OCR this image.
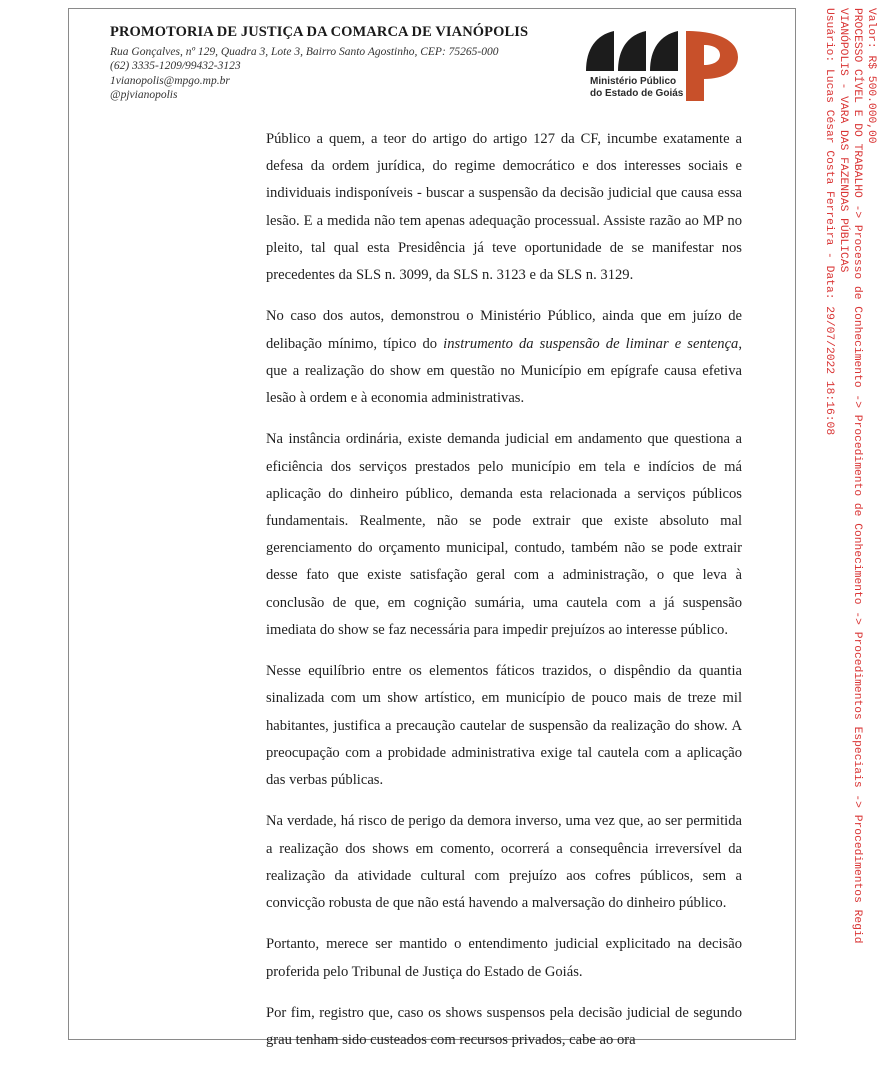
PROMOTORIA DE JUSTIÇA DA COMARCA DE VIANÓPOLIS
Rua Gonçalves, nº 129, Quadra 3, Lote 3, Bairro Santo Agostinho, CEP: 75265-000
(62) 3335-1209/99432-3123
1vianopolis@mpgo.mp.br
@pjvianopolis
Ministério Público
do Estado de Goiás

Público a quem, a teor do artigo do artigo 127 da CF, incumbe exatamente a defesa da ordem jurídica, do regime democrático e dos interesses sociais e individuais indisponíveis - buscar a suspensão da decisão judicial que causa essa lesão. E a medida não tem apenas adequação processual. Assiste razão ao MP no pleito, tal qual esta Presidência já teve oportunidade de se manifestar nos precedentes da SLS n. 3099, da SLS n. 3123 e da SLS n. 3129.

No caso dos autos, demonstrou o Ministério Público, ainda que em juízo de delibação mínimo, típico do instrumento da suspensão de liminar e sentença, que a realização do show em questão no Município em epígrafe causa efetiva lesão à ordem e à economia administrativas.

Na instância ordinária, existe demanda judicial em andamento que questiona a eficiência dos serviços prestados pelo município em tela e indícios de má aplicação do dinheiro público, demanda esta relacionada a serviços públicos fundamentais. Realmente, não se pode extrair que existe absoluto mal gerenciamento do orçamento municipal, contudo, também não se pode extrair desse fato que existe satisfação geral com a administração, o que leva à conclusão de que, em cognição sumária, uma cautela com a já suspensão imediata do show se faz necessária para impedir prejuízos ao interesse público.

Nesse equilíbrio entre os elementos fáticos trazidos, o dispêndio da quantia sinalizada com um show artístico, em município de pouco mais de treze mil habitantes, justifica a precaução cautelar de suspensão da realização do show. A preocupação com a probidade administrativa exige tal cautela com a aplicação das verbas públicas.

Na verdade, há risco de perigo da demora inverso, uma vez que, ao ser permitida a realização dos shows em comento, ocorrerá a consequência irreversível da realização da atividade cultural com prejuízo aos cofres públicos, sem a convicção robusta de que não está havendo a malversação do dinheiro público.

Portanto, merece ser mantido o entendimento judicial explicitado na decisão proferida pelo Tribunal de Justiça do Estado de Goiás.

Por fim, registro que, caso os shows suspensos pela decisão judicial de segundo grau tenham sido custeados com recursos privados, cabe ao ora

Valor: R$ 500.000,00
PROCESSO CÍVEL E DO TRABALHO -> Processo de Conhecimento -> Procedimento de Conhecimento -> Procedimentos Especiais -> Procedimentos Regid
VIANÓPOLIS - VARA DAS FAZENDAS PÚBLICAS
Usuário: Lucas César Costa Ferreira - Data: 29/07/2022 18:16:08
